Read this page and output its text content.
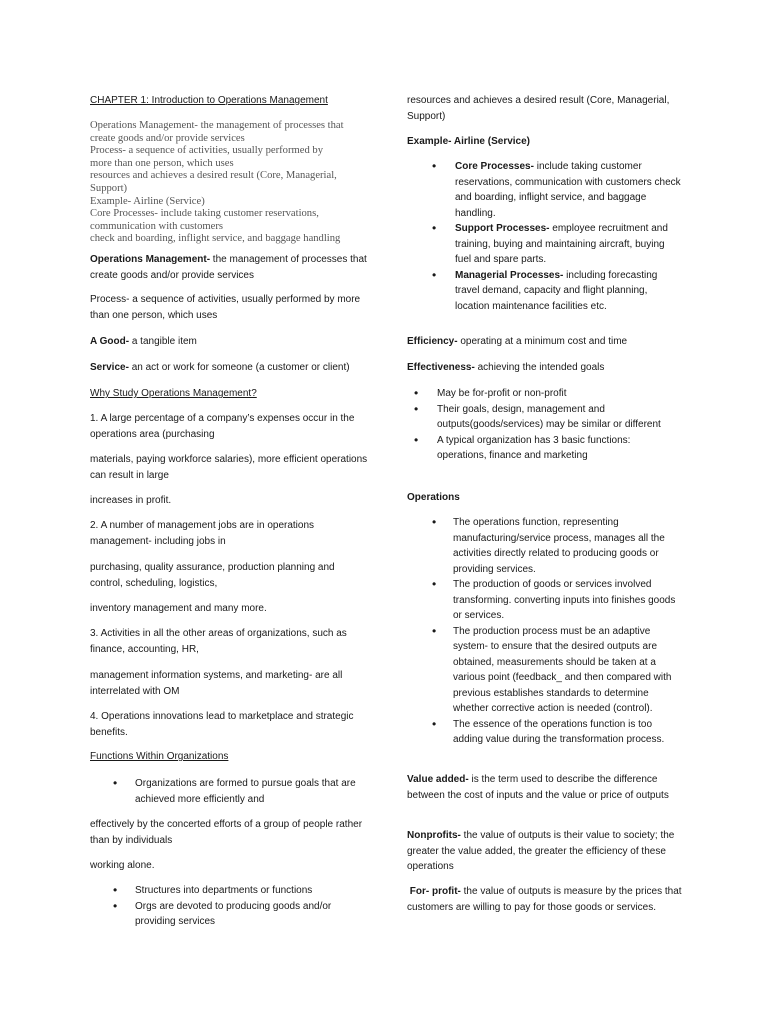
CHAPTER 1: Introduction to Operations Management

Operations Management- the management of processes that
create goods and/or provide services
Process- a sequence of activities, usually performed by
more than one person, which uses
resources and achieves a desired result (Core, Managerial,
Support)
Example- Airline (Service)
Core Processes- include taking customer reservations,
communication with customers
check and boarding, inflight service, and baggage handling

Operations Management- the management of processes that create goods and/or provide services

Process- a sequence of activities, usually performed by more than one person, which uses

A Good- a tangible item

Service- an act or work for someone (a customer or client)

Why Study Operations Management?

1. A large percentage of a company’s expenses occur in the operations area (purchasing

materials, paying workforce salaries), more efficient operations can result in large

increases in profit.

2. A number of management jobs are in operations management- including jobs in

purchasing, quality assurance, production planning and control, scheduling, logistics,

inventory management and many more.

3. Activities in all the other areas of organizations, such as finance, accounting, HR,

management information systems, and marketing- are all interrelated with OM

4. Operations innovations lead to marketplace and strategic benefits.

Functions Within Organizations

• Organizations are formed to pursue goals that are achieved more efficiently and

effectively by the concerted efforts of a group of people rather than by individuals

working alone.

• Structures into departments or functions
• Orgs are devoted to producing goods and/or providing services

resources and achieves a desired result (Core, Managerial, Support)

Example- Airline (Service)

• Core Processes- include taking customer reservations, communication with customers check and boarding, inflight service, and baggage handling.
• Support Processes- employee recruitment and training, buying and maintaining aircraft, buying fuel and spare parts.
• Managerial Processes- including forecasting travel demand, capacity and flight planning, location maintenance facilities etc.

Efficiency- operating at a minimum cost and time

Effectiveness- achieving the intended goals

• May be for-profit or non-profit
• Their goals, design, management and outputs(goods/services) may be similar or different
• A typical organization has 3 basic functions: operations, finance and marketing

Operations

• The operations function, representing manufacturing/service process, manages all the activities directly related to producing goods or providing services.
• The production of goods or services involved transforming. converting inputs into finishes goods or services.
• The production process must be an adaptive system- to ensure that the desired outputs are obtained, measurements should be taken at a various point (feedback_ and then compared with previous establishes standards to determine whether corrective action is needed (control).
• The essence of the operations function is too adding value during the transformation process.

Value added- is the term used to describe the difference between the cost of inputs and the value or price of outputs

Nonprofits- the value of outputs is their value to society; the greater the value added, the greater the efficiency of these operations

For- profit- the value of outputs is measure by the prices that customers are willing to pay for those goods or services.
